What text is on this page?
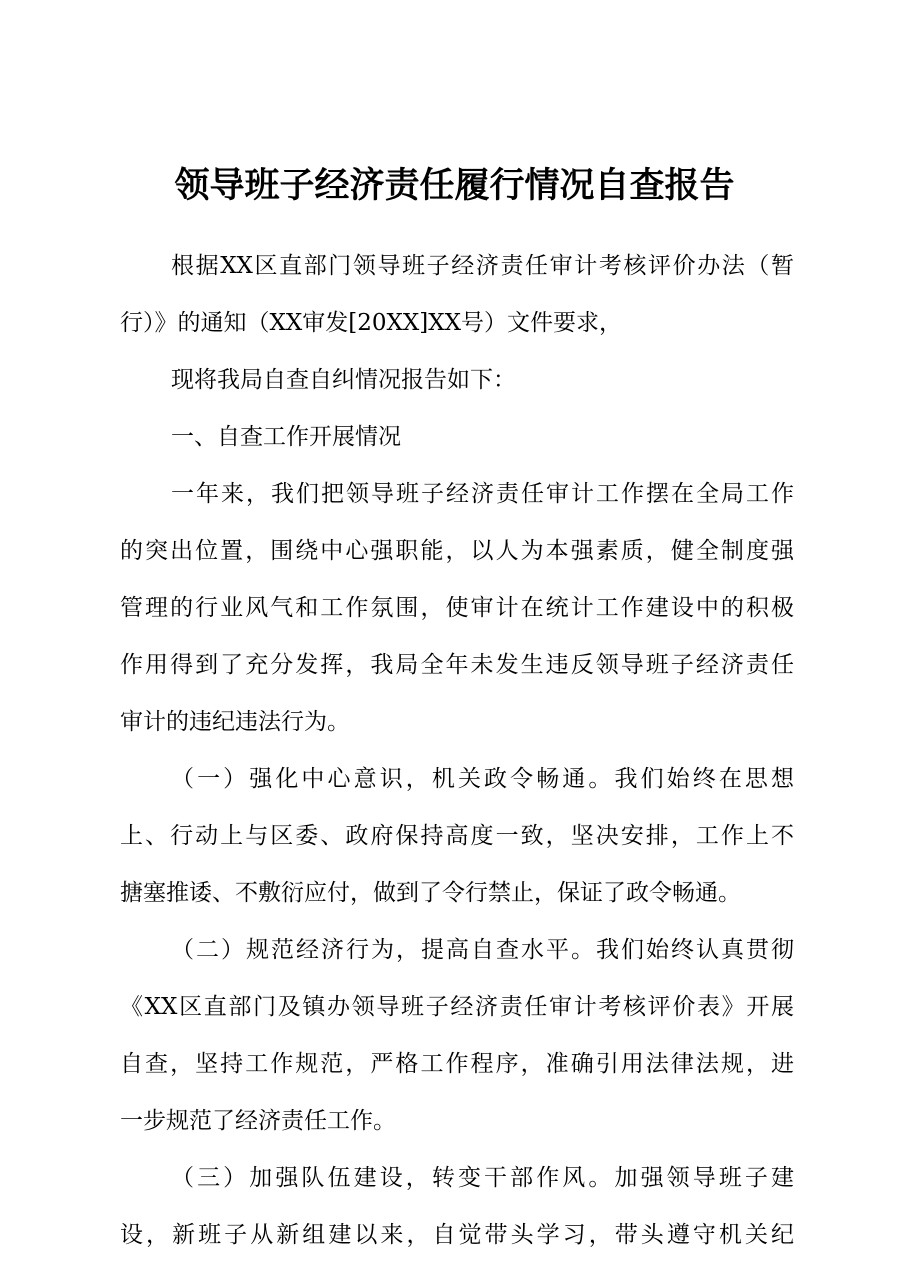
领导班子经济责任履行情况自查报告
根据XX区直部门领导班子经济责任审计考核评价办法（暂
行）》的通知（XX审发[20XX]XX号）文件要求，
现将我局自查自纠情况报告如下：
一、自查工作开展情况
一年来，我们把领导班子经济责任审计工作摆在全局工作
的突出位置，围绕中心强职能，以人为本强素质，健全制度强
管理的行业风气和工作氛围，使审计在统计工作建设中的积极
作用得到了充分发挥，我局全年未发生违反领导班子经济责任
审计的违纪违法行为。
（一）强化中心意识，机关政令畅通。我们始终在思想
上、行动上与区委、政府保持高度一致，坚决安排，工作上不
搪塞推诿、不敷衍应付，做到了令行禁止，保证了政令畅通。
（二）规范经济行为，提高自查水平。我们始终认真贯彻
《XX区直部门及镇办领导班子经济责任审计考核评价表》开展
自查，坚持工作规范，严格工作程序，准确引用法律法规，进
一步规范了经济责任工作。
（三）加强队伍建设，转变干部作风。加强领导班子建
设，新班子从新组建以来，自觉带头学习，带头遵守机关纪
